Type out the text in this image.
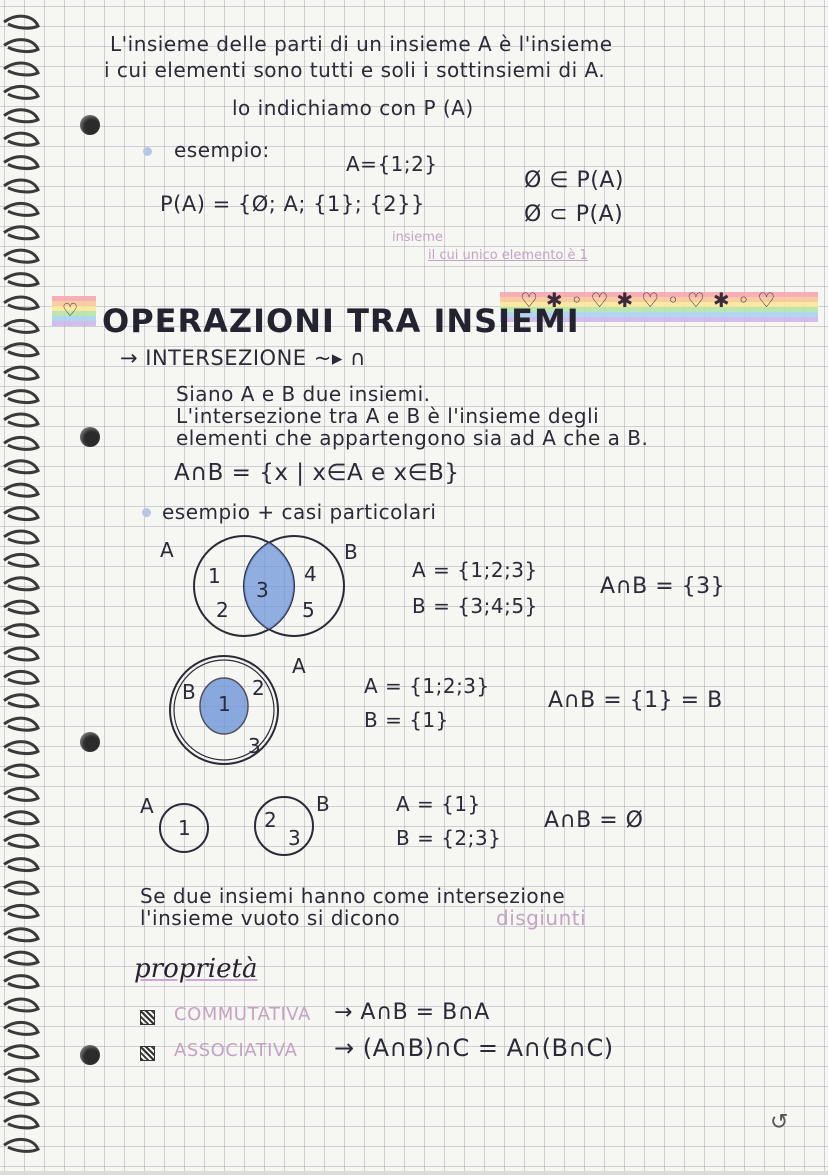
L'insieme delle parti di un insieme A è l'insieme
i cui elementi sono tutti e soli i sottinsiemi di A.
lo indichiamo con P (A)
esempio:
A={1;2}
P(A) = {Ø; A; {1}; {2}}
Ø ∈ P(A)
Ø ⊂ P(A)
insieme
il cui unico elemento è 1
♡✱◦♡✱♡◦♡✱◦♡
♡ OPERAZIONI TRA INSIEMI
→ INTERSEZIONE ~▸ ∩
Siano A e B due insiemi.
L'intersezione tra A e B è l'insieme degli
elementi che appartengono sia ad A che a B.
A∩B = {x | x∈A e x∈B}
esempio + casi particolari
A	B
1
2
3
4
5
A = {1;2;3}
B = {3;4;5}
A∩B = {3}
A
B 1
2
3
A = {1;2;3}
B = {1}
A∩B = {1} = B
A	B
1	2
3
A = {1}
B = {2;3}
A∩B = Ø
Se due insiemi hanno come intersezione
l'insieme vuoto si dicono	disgiunti
proprietà
COMMUTATIVA → A∩B = B∩A
ASSOCIATIVA → (A∩B)∩C = A∩(B∩C)
↺
